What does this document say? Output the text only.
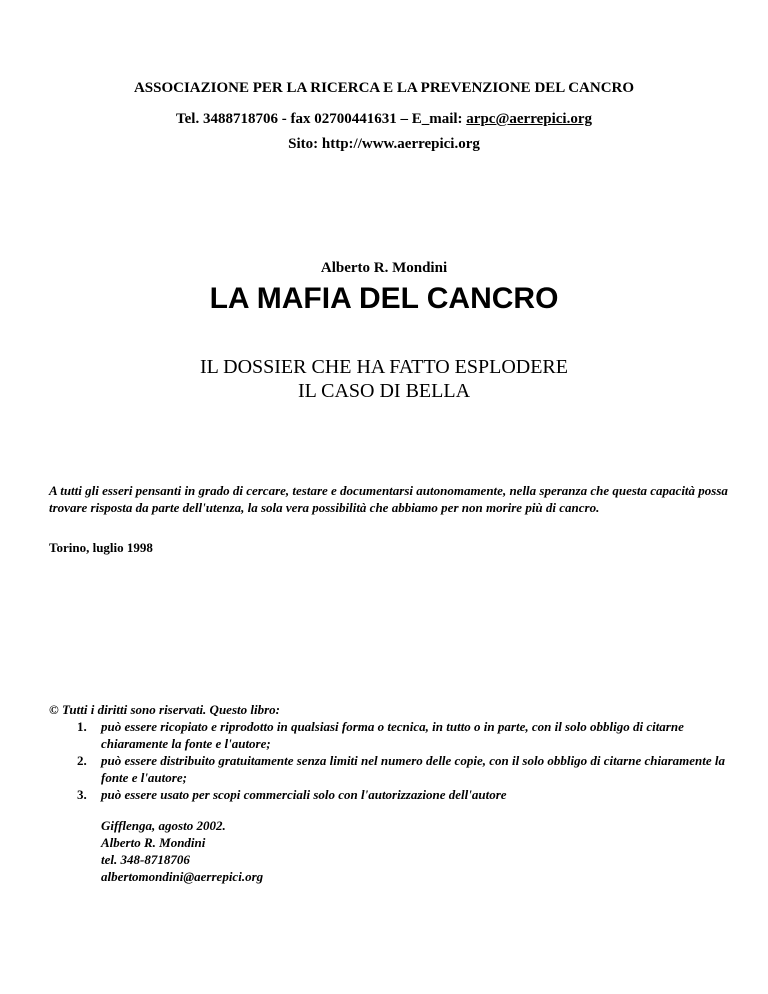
ASSOCIAZIONE PER LA RICERCA E LA PREVENZIONE DEL CANCRO
Tel. 3488718706 - fax 02700441631 – E_mail: arpc@aerrepici.org
Sito: http://www.aerrepici.org
Alberto R. Mondini
LA MAFIA DEL CANCRO
IL DOSSIER CHE HA FATTO ESPLODERE
IL CASO DI BELLA
A tutti gli esseri pensanti in grado di cercare, testare e documentarsi autonomamente, nella speranza che questa capacità possa trovare risposta da parte dell'utenza, la sola vera possibilità che abbiamo per non morire più di cancro.
Torino, luglio 1998
© Tutti i diritti sono riservati. Questo libro:
1. può essere ricopiato e riprodotto in qualsiasi forma o tecnica, in tutto o in parte, con il solo obbligo di citarne chiaramente la fonte e l'autore;
2. può essere distribuito gratuitamente senza limiti nel numero delle copie, con il solo obbligo di citarne chiaramente la fonte e l'autore;
3. può essere usato per scopi commerciali solo con l'autorizzazione dell'autore
Gifflenga, agosto 2002.
Alberto R. Mondini
tel. 348-8718706
albertomondini@aerrepici.org
